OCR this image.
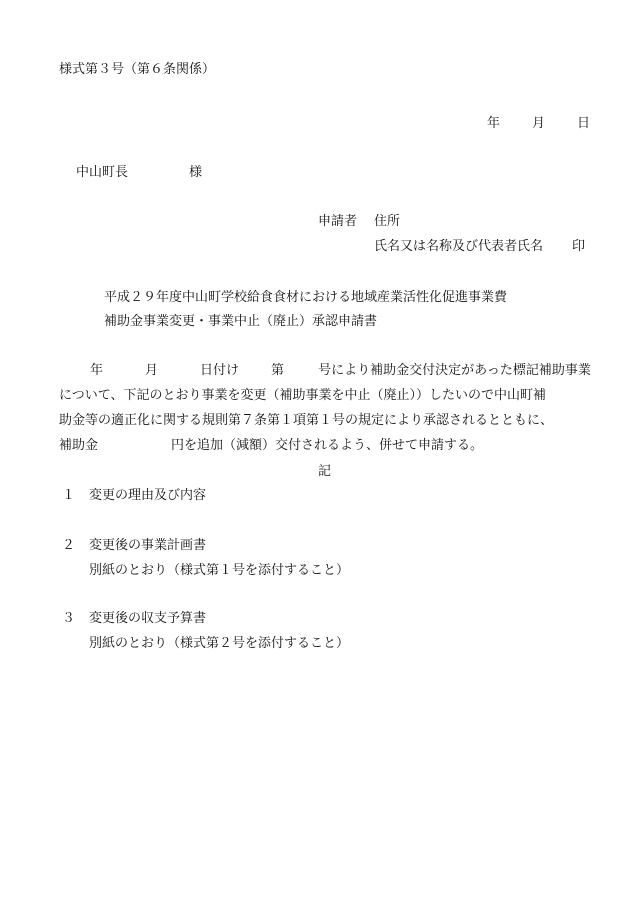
様式第３号（第６条関係）
年 月 日
中山町長	様
申請者 住所
氏名又は名称及び代表者氏名 印
平成２９年度中山町学校給食食材における地域産業活性化促進事業費
補助金事業変更・事業中止（廃止）承認申請書
年	月	日付け 第	号により補助金交付決定があった標記補助事業
について、下記のとおり事業を変更（補助事業を中止（廃止））したいので中山町補
助金等の適正化に関する規則第７条第１項第１号の規定により承認されるとともに、
補助金	円を追加（減額）交付されるよう、併せて申請する。
記
１ 変更の理由及び内容
２ 変更後の事業計画書
別紙のとおり（様式第１号を添付すること）
３ 変更後の収支予算書
別紙のとおり（様式第２号を添付すること）
